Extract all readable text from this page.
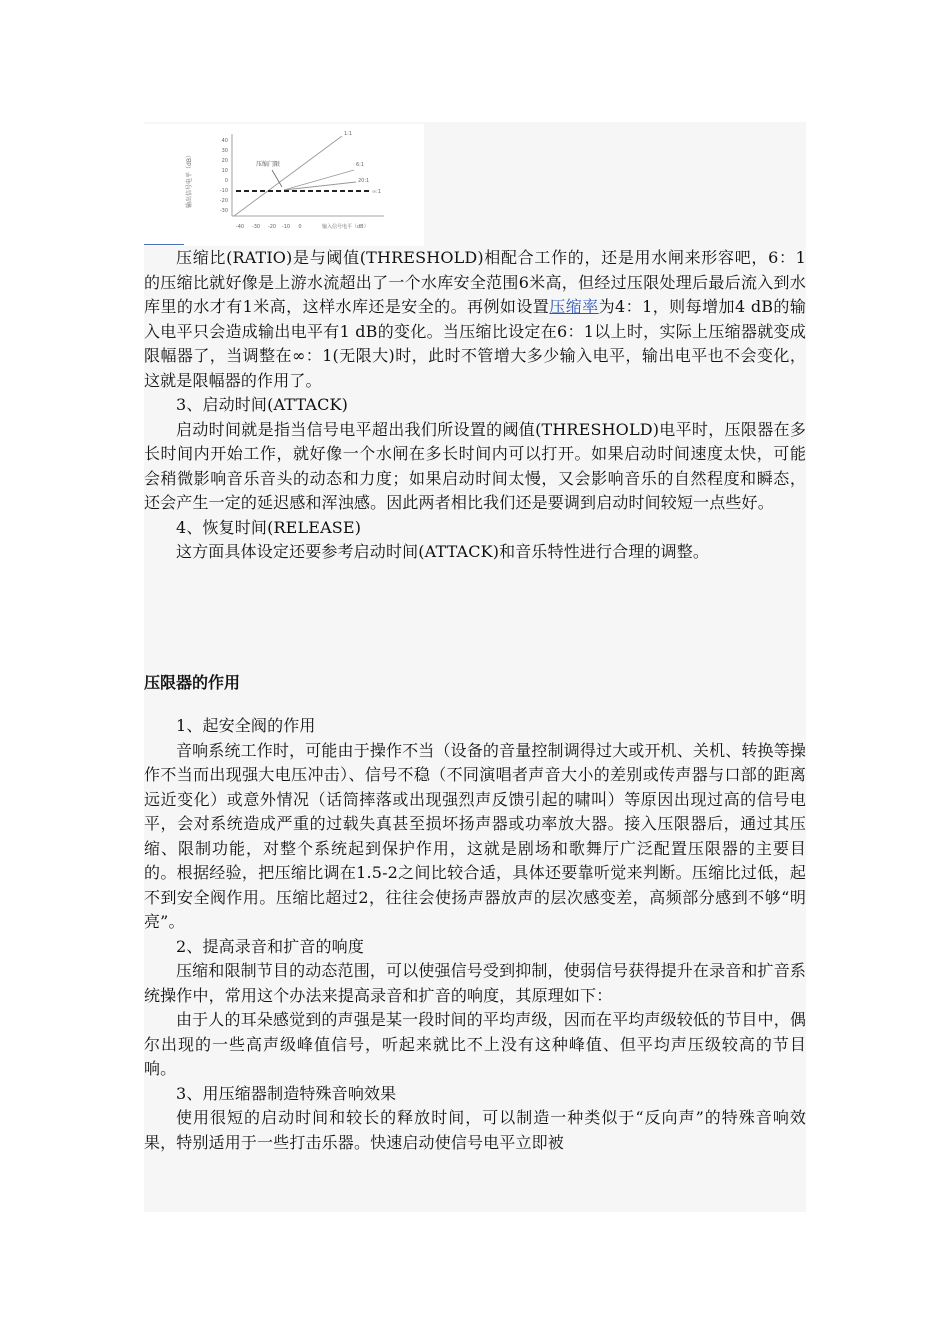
输出信号电平（dB）
40
30
20
10
0
-10
-20
-30
-40 -30 -20 -10 0	输入信号电平（dB）
压缩门限
1:1
6:1
20:1
∞:1

压缩比(RATIO)是与阈值(THRESHOLD)相配合工作的，还是用水闸来形容吧，6：1的压缩比就好像是上游水流超出了一个水库安全范围6米高，但经过压限处理后最后流入到水库里的水才有1米高，这样水库还是安全的。再例如设置压缩率为4：1，则每增加4 dB的输入电平只会造成输出电平有1 dB的变化。当压缩比设定在6：1以上时，实际上压缩器就变成限幅器了，当调整在∞：1(无限大)时，此时不管增大多少输入电平，输出电平也不会变化，这就是限幅器的作用了。

3、启动时间(ATTACK)

启动时间就是指当信号电平超出我们所设置的阈值(THRESHOLD)电平时，压限器在多长时间内开始工作，就好像一个水闸在多长时间内可以打开。如果启动时间速度太快，可能会稍微影响音乐音头的动态和力度；如果启动时间太慢，又会影响音乐的自然程度和瞬态，还会产生一定的延迟感和浑浊感。因此两者相比我们还是要调到启动时间较短一点些好。

4、恢复时间(RELEASE)

这方面具体设定还要参考启动时间(ATTACK)和音乐特性进行合理的调整。

压限器的作用

1、起安全阀的作用

音响系统工作时，可能由于操作不当（设备的音量控制调得过大或开机、关机、转换等操作不当而出现强大电压冲击）、信号不稳（不同演唱者声音大小的差别或传声器与口部的距离远近变化）或意外情况（话筒摔落或出现强烈声反馈引起的啸叫）等原因出现过高的信号电平，会对系统造成严重的过载失真甚至损坏扬声器或功率放大器。接入压限器后，通过其压缩、限制功能，对整个系统起到保护作用，这就是剧场和歌舞厅广泛配置压限器的主要目的。根据经验，把压缩比调在1.5-2之间比较合适，具体还要靠听觉来判断。压缩比过低，起不到安全阀作用。压缩比超过2，往往会使扬声器放声的层次感变差，高频部分感到不够“明亮”。

2、提高录音和扩音的响度

压缩和限制节目的动态范围，可以使强信号受到抑制，使弱信号获得提升在录音和扩音系统操作中，常用这个办法来提高录音和扩音的响度，其原理如下：

由于人的耳朵感觉到的声强是某一段时间的平均声级，因而在平均声级较低的节目中，偶尔出现的一些高声级峰值信号，听起来就比不上没有这种峰值、但平均声压级较高的节目响。

3、用压缩器制造特殊音响效果

使用很短的启动时间和较长的释放时间，可以制造一种类似于“反向声”的特殊音响效果，特别适用于一些打击乐器。快速启动使信号电平立即被
